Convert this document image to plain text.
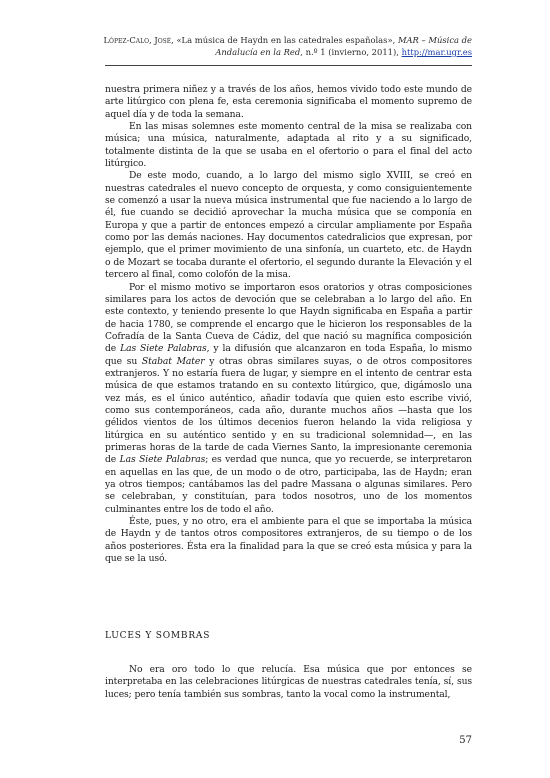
López-Calo, José, «La música de Haydn en las catedrales españolas», MAR – Música de Andalucía en la Red, n.º 1 (invierno, 2011), http://mar.ugr.es

nuestra primera niñez y a través de los años, hemos vivido todo este mundo de arte litúrgico con plena fe, esta ceremonia significaba el momento supremo de aquel día y de toda la semana.

En las misas solemnes este momento central de la misa se realizaba con música; una música, naturalmente, adaptada al rito y a su significado, totalmente distinta de la que se usaba en el ofertorio o para el final del acto litúrgico.

De este modo, cuando, a lo largo del mismo siglo XVIII, se creó en nuestras catedrales el nuevo concepto de orquesta, y como consiguientemente se comenzó a usar la nueva música instrumental que fue naciendo a lo largo de él, fue cuando se decidió aprovechar la mucha música que se componía en Europa y que a partir de entonces empezó a circular ampliamente por España como por las demás naciones. Hay documentos catedralicios que expresan, por ejemplo, que el primer movimiento de una sinfonía, un cuarteto, etc. de Haydn o de Mozart se tocaba durante el ofertorio, el segundo durante la Elevación y el tercero al final, como colofón de la misa.

Por el mismo motivo se importaron esos oratorios y otras composiciones similares para los actos de devoción que se celebraban a lo largo del año. En este contexto, y teniendo presente lo que Haydn significaba en España a partir de hacia 1780, se comprende el encargo que le hicieron los responsables de la Cofradía de la Santa Cueva de Cádiz, del que nació su magnífica composición de Las Siete Palabras, y la difusión que alcanzaron en toda España, lo mismo que su Stabat Mater y otras obras similares suyas, o de otros compositores extranjeros. Y no estaría fuera de lugar, y siempre en el intento de centrar esta música de que estamos tratando en su contexto litúrgico, que, digámoslo una vez más, es el único auténtico, añadir todavía que quien esto escribe vivió, como sus contemporáneos, cada año, durante muchos años —hasta que los gélidos vientos de los últimos decenios fueron helando la vida religiosa y litúrgica en su auténtico sentido y en su tradicional solemnidad—, en las primeras horas de la tarde de cada Viernes Santo, la impresionante ceremonia de Las Siete Palabras; es verdad que nunca, que yo recuerde, se interpretaron en aquellas en las que, de un modo o de otro, participaba, las de Haydn; eran ya otros tiempos; cantábamos las del padre Massana o algunas similares. Pero se celebraban, y constituían, para todos nosotros, uno de los momentos culminantes entre los de todo el año.

Éste, pues, y no otro, era el ambiente para el que se importaba la música de Haydn y de tantos otros compositores extranjeros, de su tiempo o de los años posteriores. Ésta era la finalidad para la que se creó esta música y para la que se la usó.

LUCES Y SOMBRAS

No era oro todo lo que relucía. Esa música que por entonces se interpretaba en las celebraciones litúrgicas de nuestras catedrales tenía, sí, sus luces; pero tenía también sus sombras, tanto la vocal como la instrumental,

57
